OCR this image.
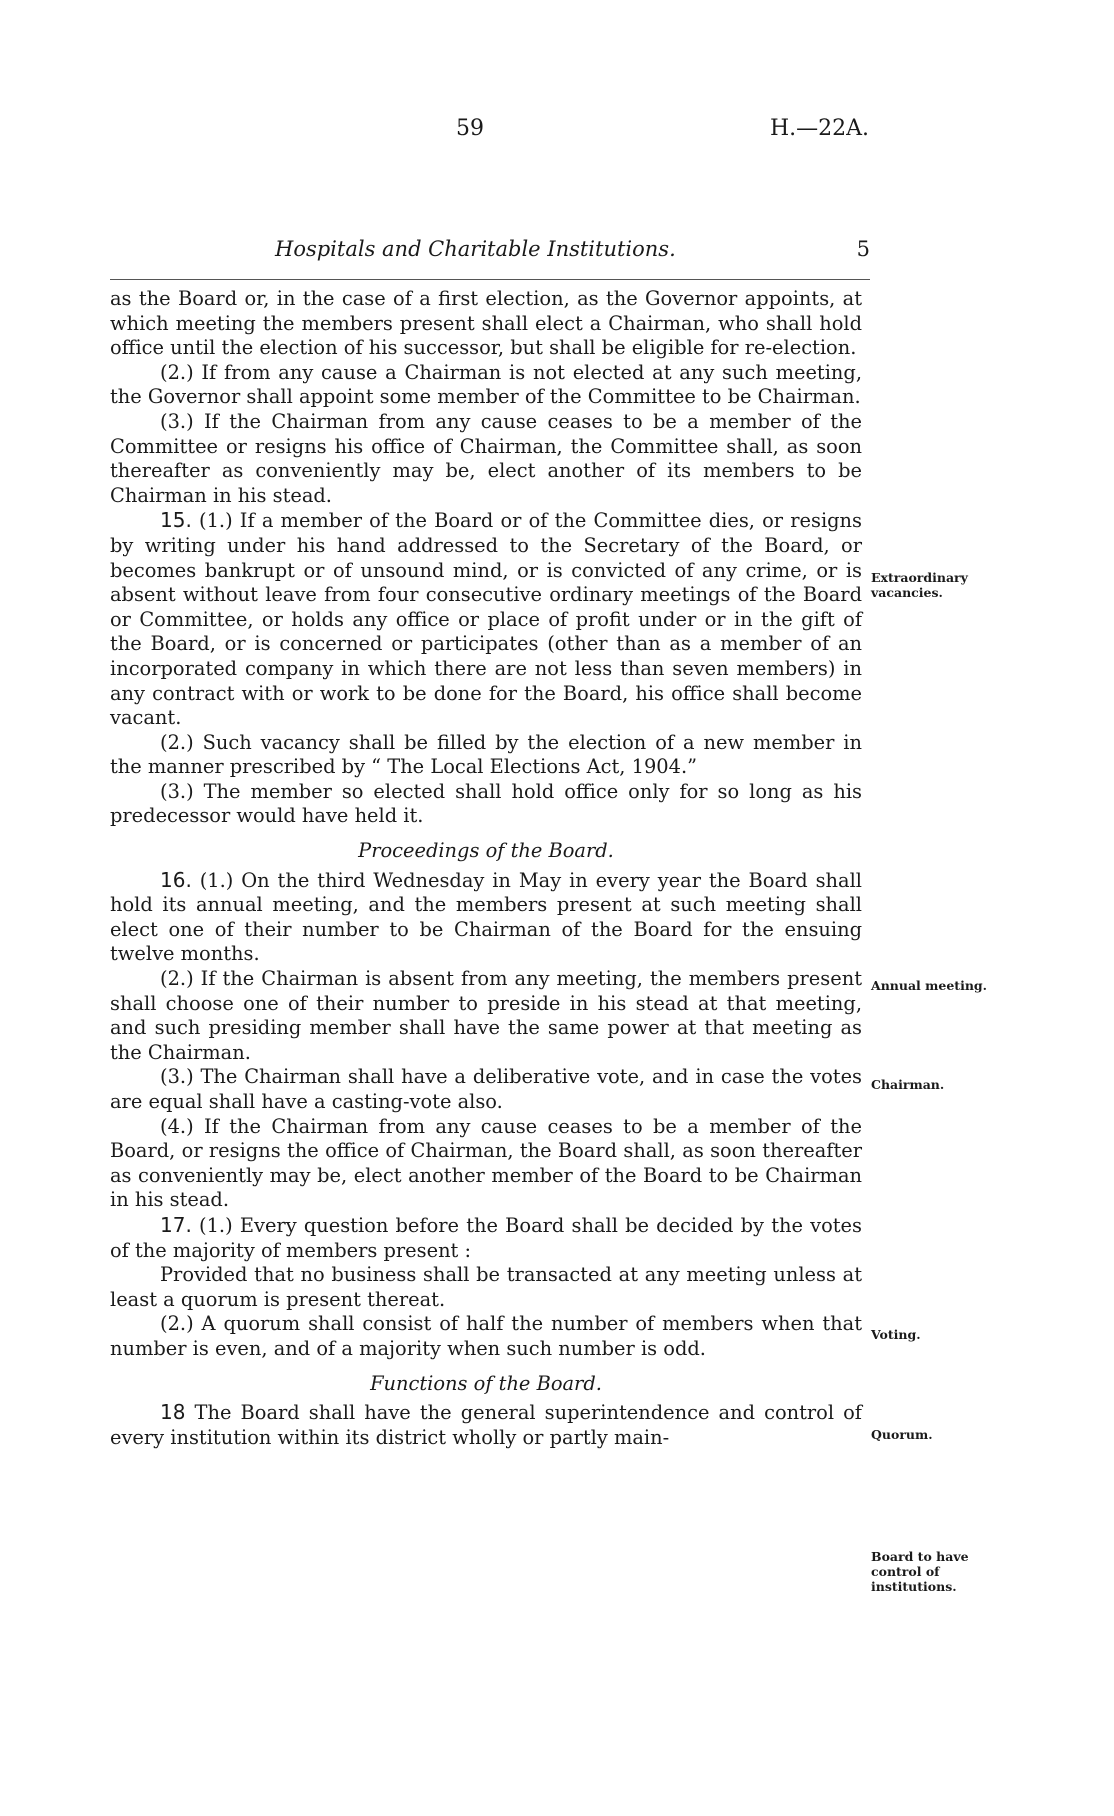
59	H.—22A.
Hospitals and Charitable Institutions.	5

as the Board or, in the case of a first election, as the Governor appoints, at which meeting the members present shall elect a Chairman, who shall hold office until the election of his successor, but shall be eligible for re-election.

(2.) If from any cause a Chairman is not elected at any such meeting, the Governor shall appoint some member of the Committee to be Chairman.

(3.) If the Chairman from any cause ceases to be a member of the Committee or resigns his office of Chairman, the Committee shall, as soon thereafter as conveniently may be, elect another of its members to be Chairman in his stead.

15. (1.) If a member of the Board or of the Committee dies, or resigns by writing under his hand addressed to the Secretary of the Board, or becomes bankrupt or of unsound mind, or is convicted of any crime, or is absent without leave from four consecutive ordinary meetings of the Board or Committee, or holds any office or place of profit under or in the gift of the Board, or is concerned or participates (other than as a member of an incorporated company in which there are not less than seven members) in any contract with or work to be done for the Board, his office shall become vacant.

(2.) Such vacancy shall be filled by the election of a new member in the manner prescribed by “ The Local Elections Act, 1904.”

(3.) The member so elected shall hold office only for so long as his predecessor would have held it.

Proceedings of the Board.

16. (1.) On the third Wednesday in May in every year the Board shall hold its annual meeting, and the members present at such meeting shall elect one of their number to be Chairman of the Board for the ensuing twelve months.

(2.) If the Chairman is absent from any meeting, the members present shall choose one of their number to preside in his stead at that meeting, and such presiding member shall have the same power at that meeting as the Chairman.

(3.) The Chairman shall have a deliberative vote, and in case the votes are equal shall have a casting-vote also.

(4.) If the Chairman from any cause ceases to be a member of the Board, or resigns the office of Chairman, the Board shall, as soon thereafter as conveniently may be, elect another member of the Board to be Chairman in his stead.

17. (1.) Every question before the Board shall be decided by the votes of the majority of members present :

Provided that no business shall be transacted at any meeting unless at least a quorum is present thereat.

(2.) A quorum shall consist of half the number of members when that number is even, and of a majority when such number is odd.

Functions of the Board.

18 The Board shall have the general superintendence and control of every institution within its district wholly or partly main-

Extraordinary vacancies.
Annual meeting.
Chairman.
Voting.
Quorum.
Board to have control of institutions.
